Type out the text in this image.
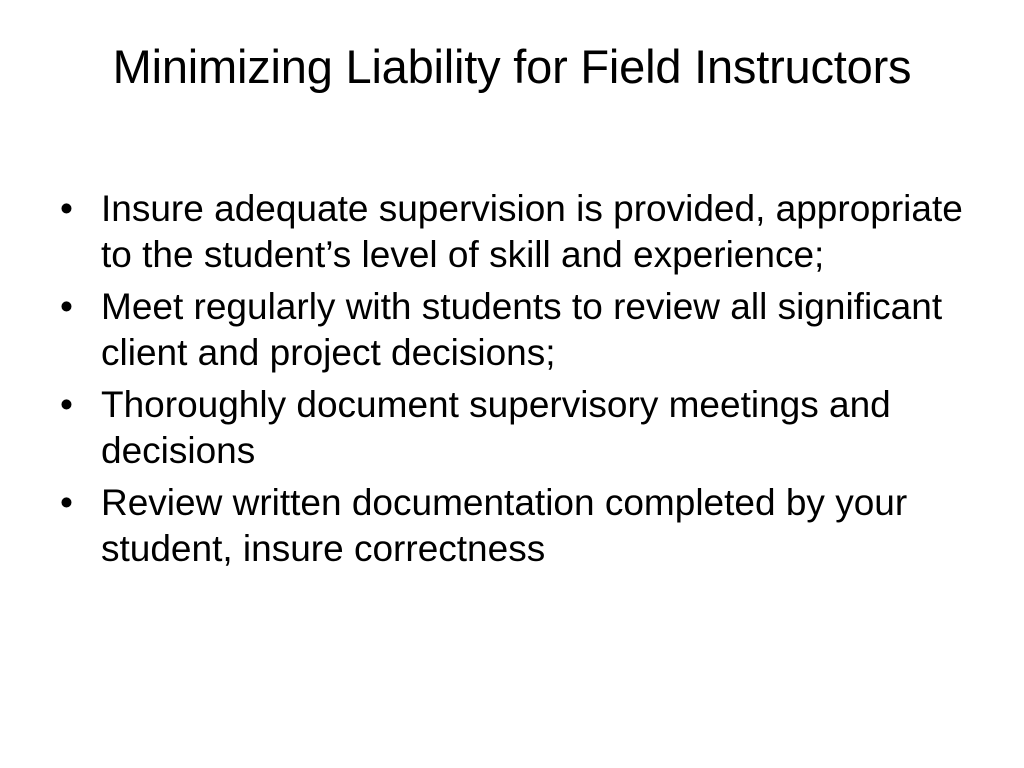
Minimizing Liability for Field Instructors
• Insure adequate supervision is provided, appropriate to the student’s level of skill and experience;
• Meet regularly with students to review all significant client and project decisions;
• Thoroughly document supervisory meetings and decisions
• Review written documentation completed by your student, insure correctness
